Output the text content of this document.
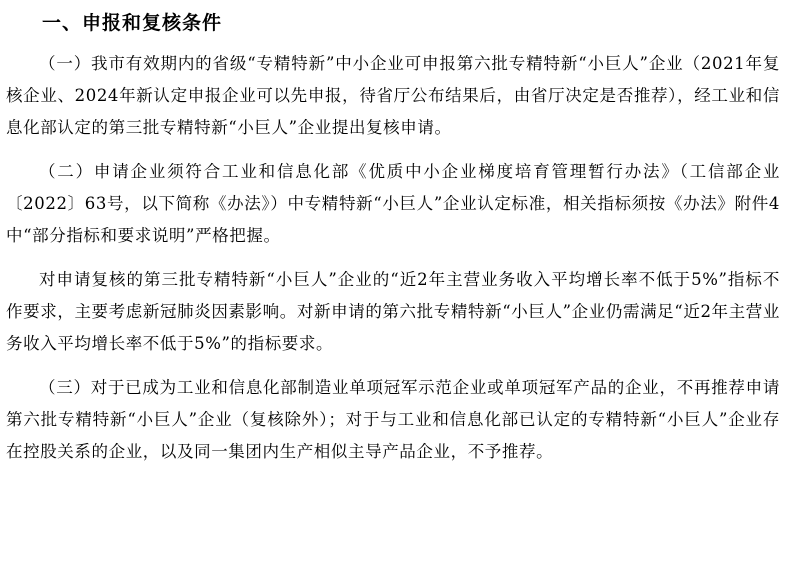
一、申报和复核条件

（一）我市有效期内的省级“专精特新”中小企业可申报第六批专精特新“小巨人”企业（2021年复核企业、2024年新认定申报企业可以先申报，待省厅公布结果后，由省厅决定是否推荐），经工业和信息化部认定的第三批专精特新“小巨人”企业提出复核申请。

（二）申请企业须符合工业和信息化部《优质中小企业梯度培育管理暂行办法》（工信部企业〔2022〕63号，以下简称《办法》）中专精特新“小巨人”企业认定标准，相关指标须按《办法》附件4中“部分指标和要求说明”严格把握。

对申请复核的第三批专精特新“小巨人”企业的“近2年主营业务收入平均增长率不低于5%”指标不作要求，主要考虑新冠肺炎因素影响。对新申请的第六批专精特新“小巨人”企业仍需满足“近2年主营业务收入平均增长率不低于5%”的指标要求。

（三）对于已成为工业和信息化部制造业单项冠军示范企业或单项冠军产品的企业，不再推荐申请第六批专精特新“小巨人”企业（复核除外）；对于与工业和信息化部已认定的专精特新“小巨人”企业存在控股关系的企业，以及同一集团内生产相似主导产品企业，不予推荐。
